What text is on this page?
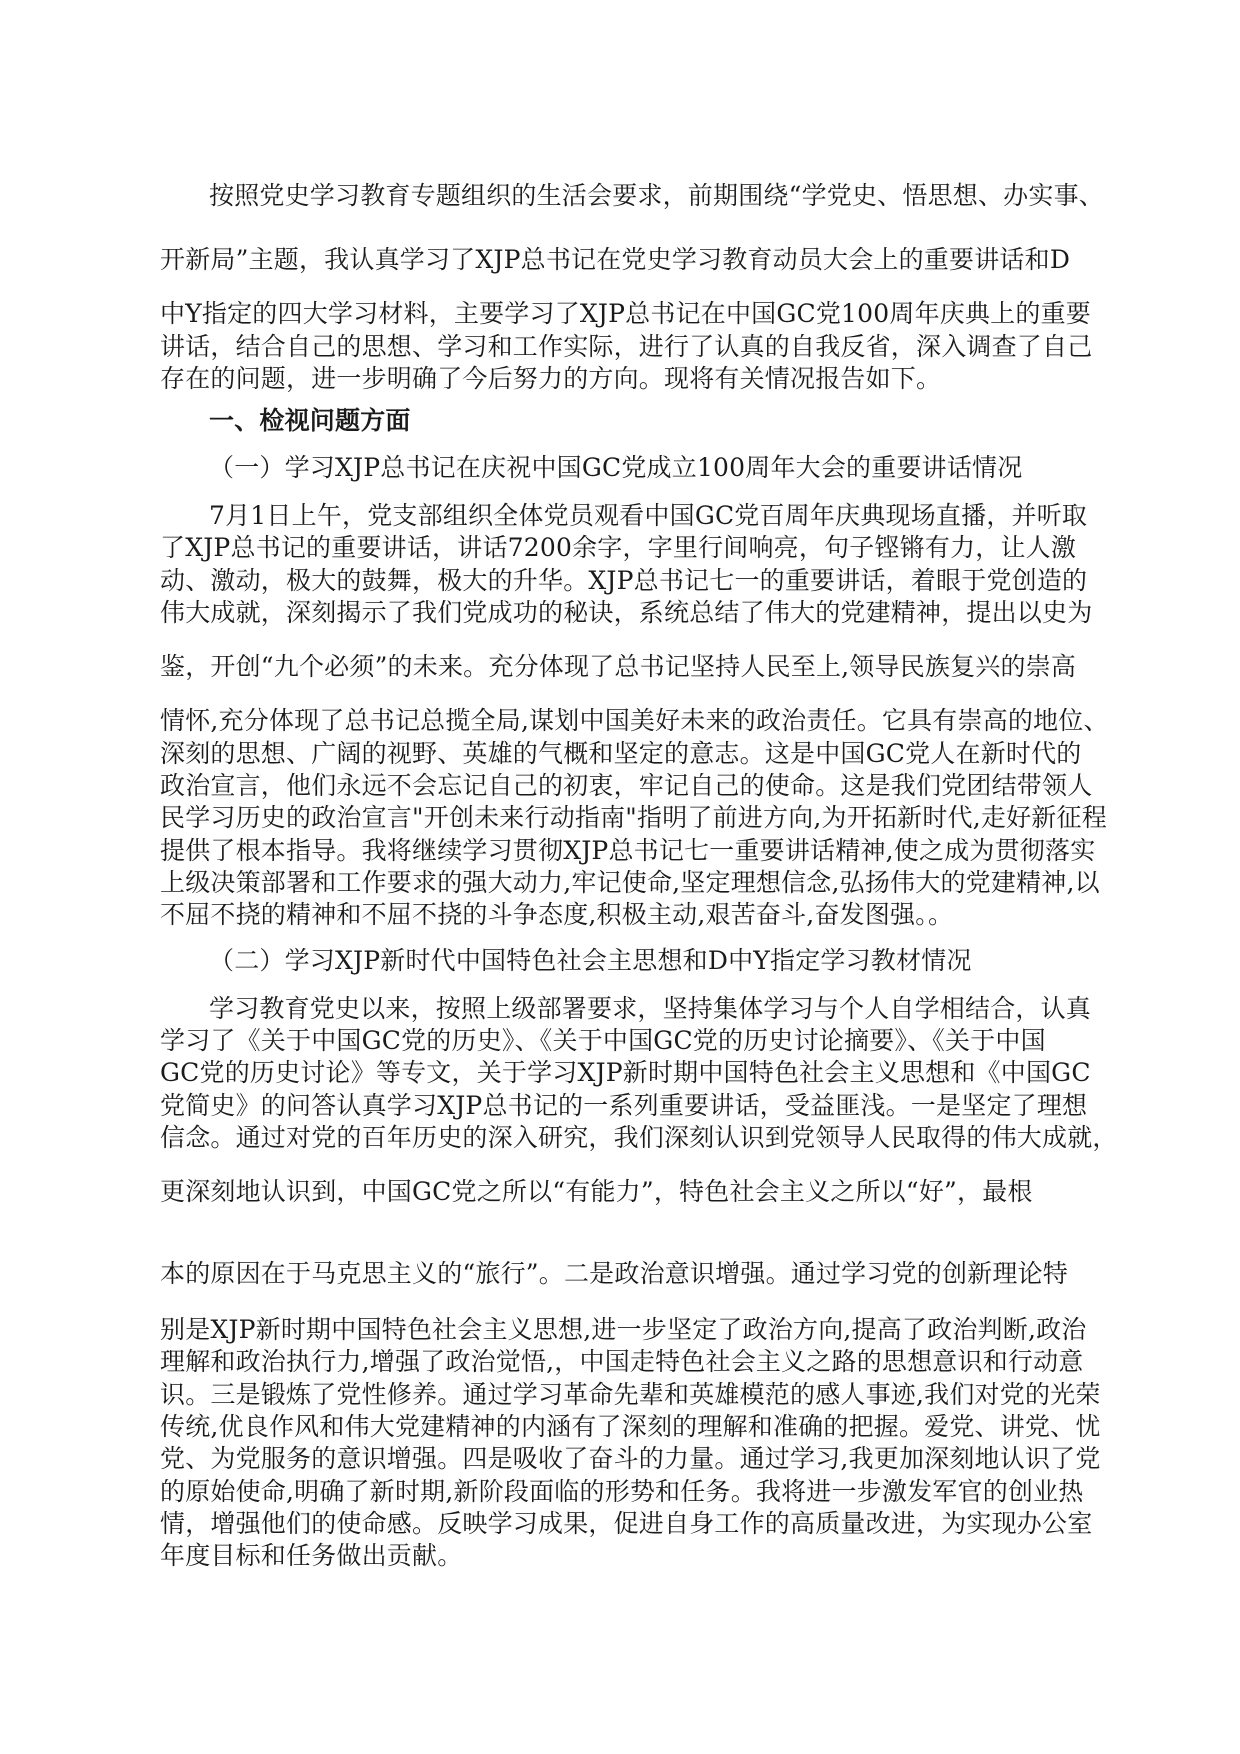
按照党史学习教育专题组织的生活会要求，前期围绕“学党史、悟思想、办实事、
开新局”主题，我认真学习了XJP总书记在党史学习教育动员大会上的重要讲话和D
中Y指定的四大学习材料，主要学习了XJP总书记在中国GC党100周年庆典上的重要
讲话，结合自己的思想、学习和工作实际，进行了认真的自我反省，深入调查了自己
存在的问题，进一步明确了今后努力的方向。现将有关情况报告如下。
一、检视问题方面
（一）学习XJP总书记在庆祝中国GC党成立100周年大会的重要讲话情况
7月1日上午，党支部组织全体党员观看中国GC党百周年庆典现场直播，并听取
了XJP总书记的重要讲话，讲话7200余字，字里行间响亮，句子铿锵有力，让人激
动、激动，极大的鼓舞，极大的升华。XJP总书记七一的重要讲话，着眼于党创造的
伟大成就，深刻揭示了我们党成功的秘诀，系统总结了伟大的党建精神，提出以史为
鉴，开创“九个必须”的未来。充分体现了总书记坚持人民至上,领导民族复兴的崇高
情怀,充分体现了总书记总揽全局,谋划中国美好未来的政治责任。它具有崇高的地位、
深刻的思想、广阔的视野、英雄的气概和坚定的意志。这是中国GC党人在新时代的
政治宣言，他们永远不会忘记自己的初衷，牢记自己的使命。这是我们党团结带领人
民学习历史的政治宣言"开创未来行动指南"指明了前进方向,为开拓新时代,走好新征程
提供了根本指导。我将继续学习贯彻XJP总书记七一重要讲话精神,使之成为贯彻落实
上级决策部署和工作要求的强大动力,牢记使命,坚定理想信念,弘扬伟大的党建精神,以
不屈不挠的精神和不屈不挠的斗争态度,积极主动,艰苦奋斗,奋发图强。。
（二）学习XJP新时代中国特色社会主思想和D中Y指定学习教材情况
学习教育党史以来，按照上级部署要求，坚持集体学习与个人自学相结合，认真
学习了《关于中国GC党的历史》、《关于中国GC党的历史讨论摘要》、《关于中国
GC党的历史讨论》等专文，关于学习XJP新时期中国特色社会主义思想和《中国GC
党简史》的问答认真学习XJP总书记的一系列重要讲话，受益匪浅。一是坚定了理想
信念。通过对党的百年历史的深入研究，我们深刻认识到党领导人民取得的伟大成就，
更深刻地认识到，中国GC党之所以“有能力”，特色社会主义之所以“好”，最根
本的原因在于马克思主义的“旅行”。二是政治意识增强。通过学习党的创新理论特
别是XJP新时期中国特色社会主义思想,进一步坚定了政治方向,提高了政治判断,政治
理解和政治执行力,增强了政治觉悟,，中国走特色社会主义之路的思想意识和行动意
识。三是锻炼了党性修养。通过学习革命先辈和英雄模范的感人事迹,我们对党的光荣
传统,优良作风和伟大党建精神的内涵有了深刻的理解和准确的把握。爱党、讲党、忧
党、为党服务的意识增强。四是吸收了奋斗的力量。通过学习,我更加深刻地认识了党
的原始使命,明确了新时期,新阶段面临的形势和任务。我将进一步激发军官的创业热
情，增强他们的使命感。反映学习成果，促进自身工作的高质量改进，为实现办公室
年度目标和任务做出贡献。
